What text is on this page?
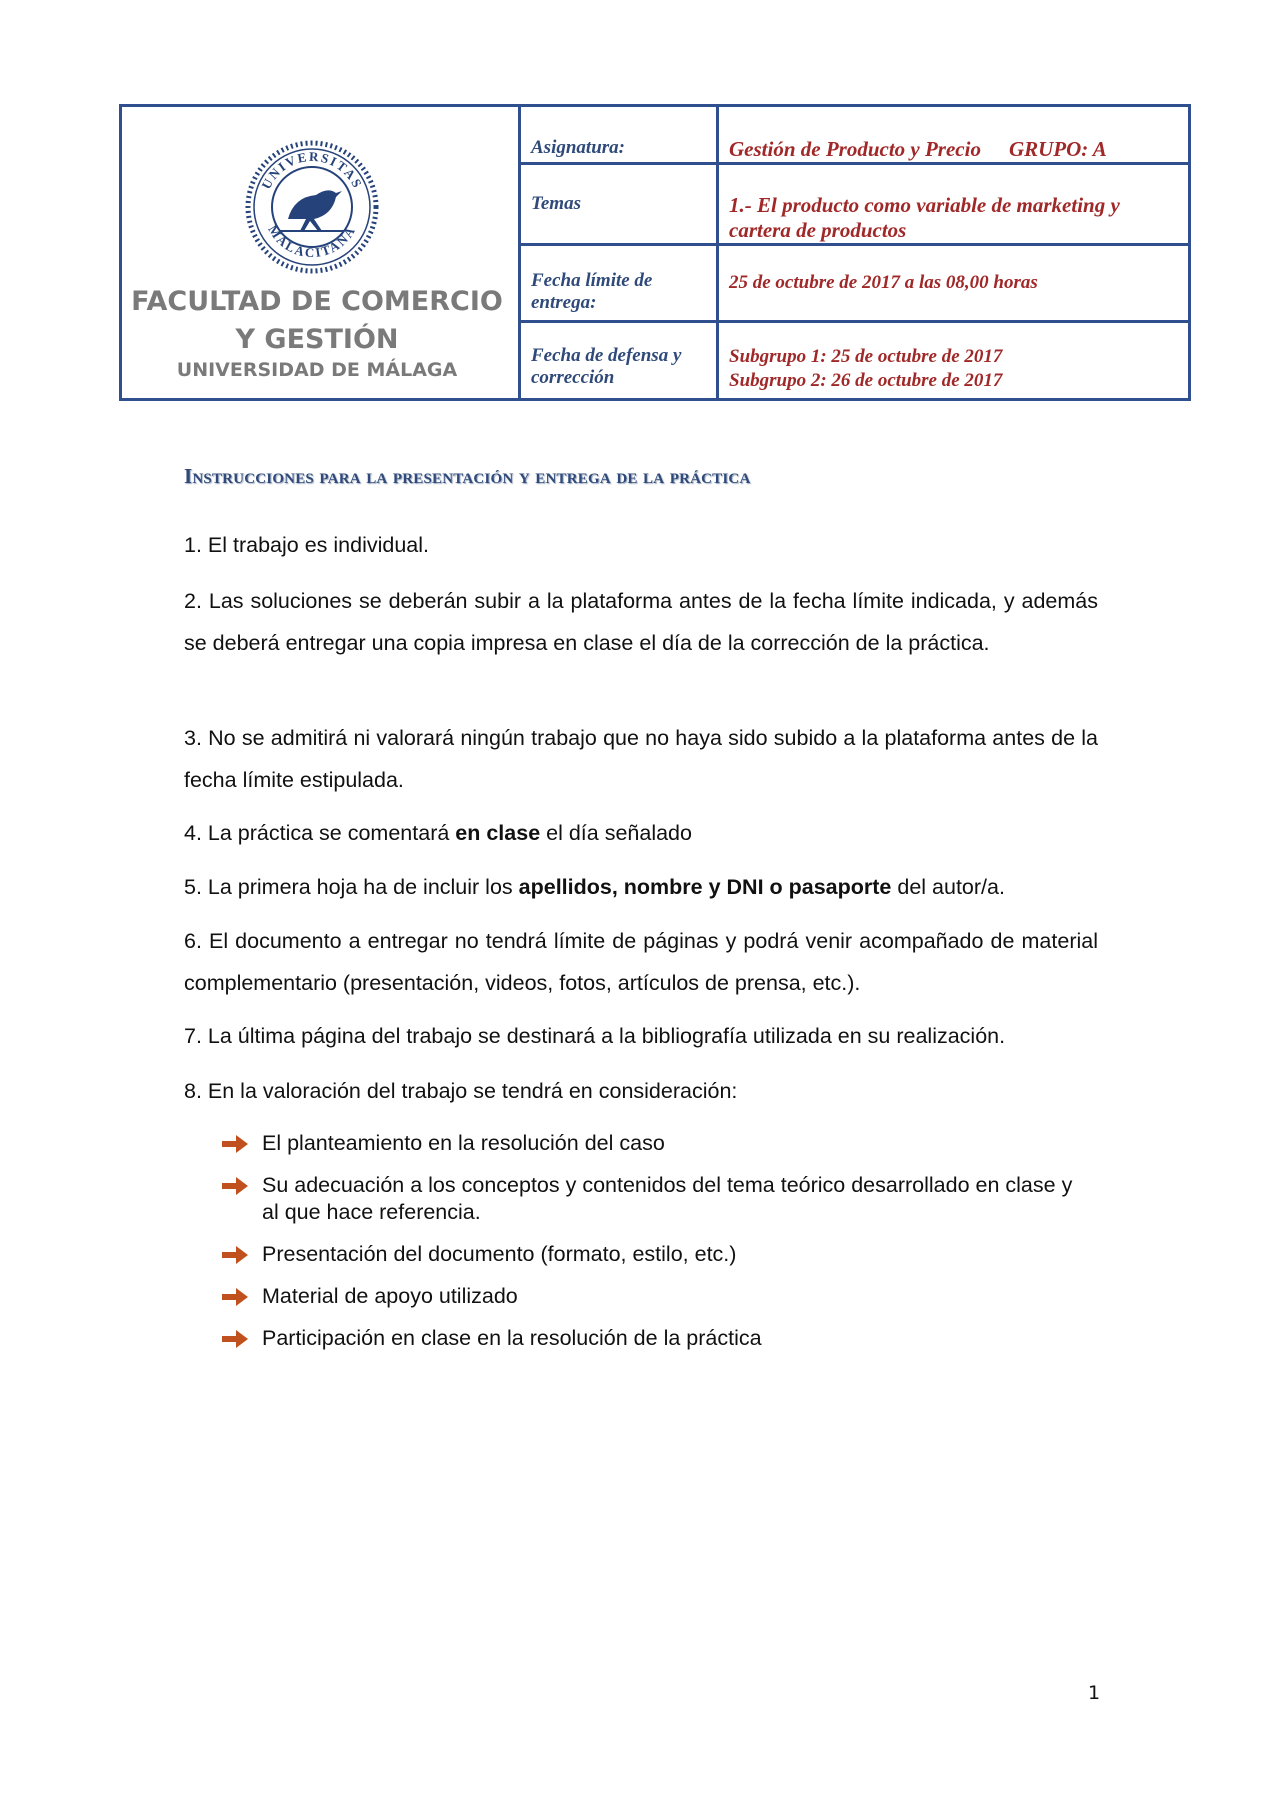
UNIVERSITAS
MALACITANA
FACULTAD DE COMERCIO
Y GESTIÓN
UNIVERSIDAD DE MÁLAGA	Asignatura:	Gestión de Producto y Precio GRUPO: A
	Temas	1.- El producto como variable de marketing y cartera de productos
	Fecha límite de entrega:	25 de octubre de 2017 a las 08,00 horas
	Fecha de defensa y corrección	Subgrupo 1: 25 de octubre de 2017
Subgrupo 2: 26 de octubre de 2017
Instrucciones para la presentación y entrega de la práctica
1. El trabajo es individual.
2. Las soluciones se deberán subir a la plataforma antes de la fecha límite indicada, y además se deberá entregar una copia impresa en clase el día de la corrección de la práctica.
3. No se admitirá ni valorará ningún trabajo que no haya sido subido a la plataforma antes de la fecha límite estipulada.
4. La práctica se comentará en clase el día señalado
5. La primera hoja ha de incluir los apellidos, nombre y DNI o pasaporte del autor/a.
6. El documento a entregar no tendrá límite de páginas y podrá venir acompañado de material complementario (presentación, videos, fotos, artículos de prensa, etc.).
7. La última página del trabajo se destinará a la bibliografía utilizada en su realización.
8. En la valoración del trabajo se tendrá en consideración:
El planteamiento en la resolución del caso
Su adecuación a los conceptos y contenidos del tema teórico desarrollado en clase y al que hace referencia.
Presentación del documento (formato, estilo, etc.)
Material de apoyo utilizado
Participación en clase en la resolución de la práctica
1
